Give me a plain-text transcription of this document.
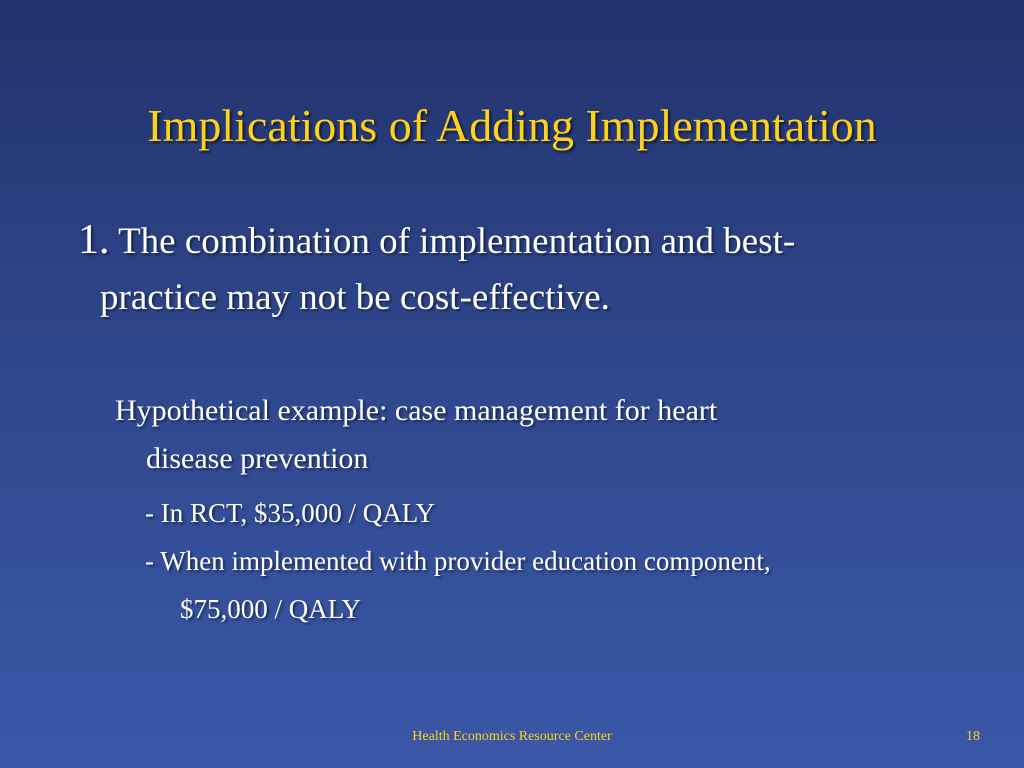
Implications of Adding Implementation
1. The combination of implementation and best-
practice may not be cost-effective.
Hypothetical example: case management for heart
disease prevention
- In RCT, $35,000 / QALY
- When implemented with provider education component,
$75,000 / QALY
Health Economics Resource Center	18
